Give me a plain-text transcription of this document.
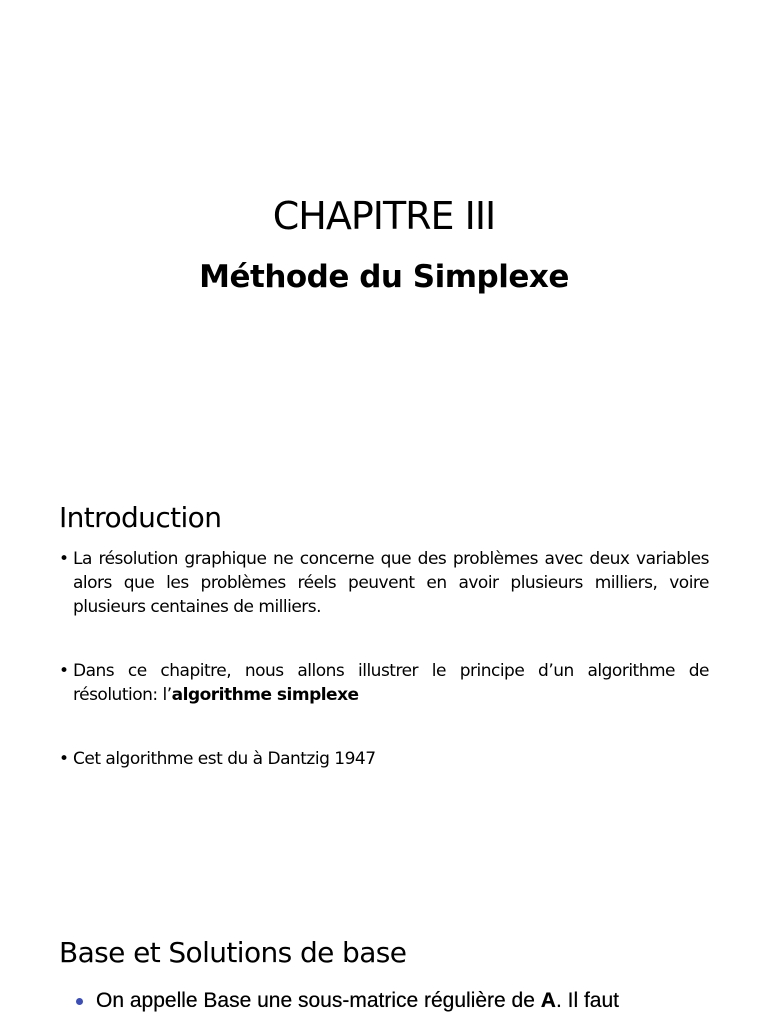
CHAPITRE III
Méthode du Simplexe
Introduction
• La résolution graphique ne concerne que des problèmes avec deux variables alors que les problèmes réels peuvent en avoir plusieurs milliers, voire plusieurs centaines de milliers.
• Dans ce chapitre, nous allons illustrer le principe d’un algorithme de résolution: l’algorithme simplexe
• Cet algorithme est du à Dantzig 1947
Base et Solutions de base
On appelle Base une sous-matrice régulière de A. Il faut
